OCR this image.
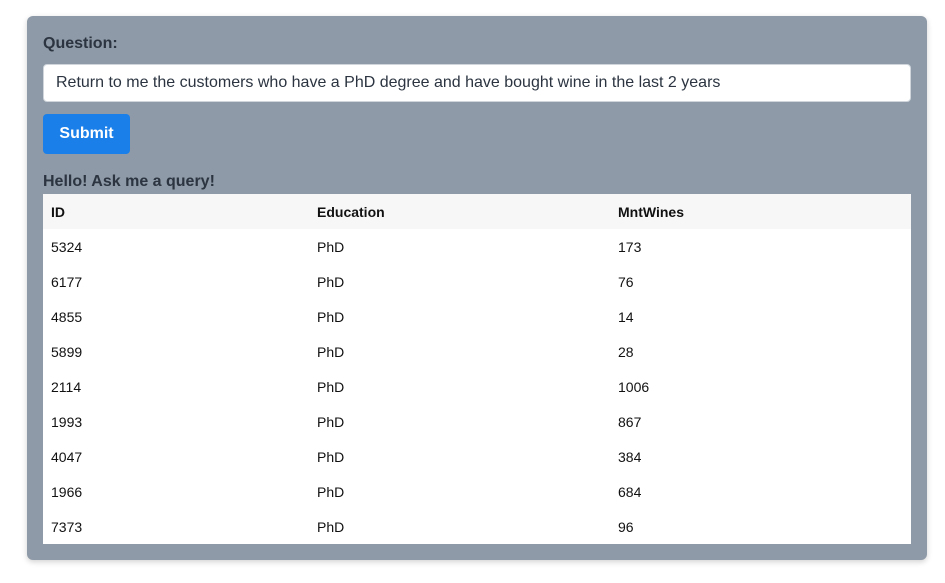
Question:
Return to me the customers who have a PhD degree and have bought wine in the last 2 years
Submit
Hello! Ask me a query!
ID	Education	MntWines
5324	PhD	173
6177	PhD	76
4855	PhD	14
5899	PhD	28
2114	PhD	1006
1993	PhD	867
4047	PhD	384
1966	PhD	684
7373	PhD	96
